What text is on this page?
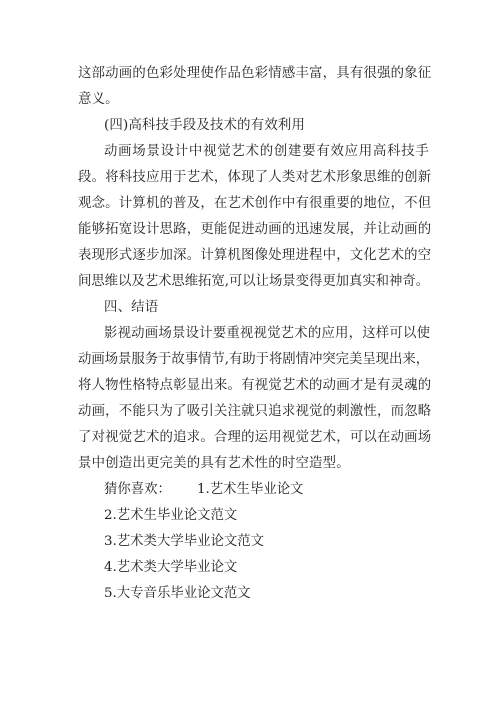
这部动画的色彩处理使作品色彩情感丰富，具有很强的象征
意义。
(四)高科技手段及技术的有效利用
动画场景设计中视觉艺术的创建要有效应用高科技手
段。将科技应用于艺术，体现了人类对艺术形象思维的创新
观念。计算机的普及，在艺术创作中有很重要的地位，不但
能够拓宽设计思路，更能促进动画的迅速发展，并让动画的
表现形式逐步加深。计算机图像处理进程中，文化艺术的空
间思维以及艺术思维拓宽,可以让场景变得更加真实和神奇。
四、结语
影视动画场景设计要重视视觉艺术的应用，这样可以使
动画场景服务于故事情节,有助于将剧情冲突完美呈现出来，
将人物性格特点彰显出来。有视觉艺术的动画才是有灵魂的
动画，不能只为了吸引关注就只追求视觉的刺激性，而忽略
了对视觉艺术的追求。合理的运用视觉艺术，可以在动画场
景中创造出更完美的具有艺术性的时空造型。
猜你喜欢： 1.艺术生毕业论文
2.艺术生毕业论文范文
3.艺术类大学毕业论文范文
4.艺术类大学毕业论文
5.大专音乐毕业论文范文
